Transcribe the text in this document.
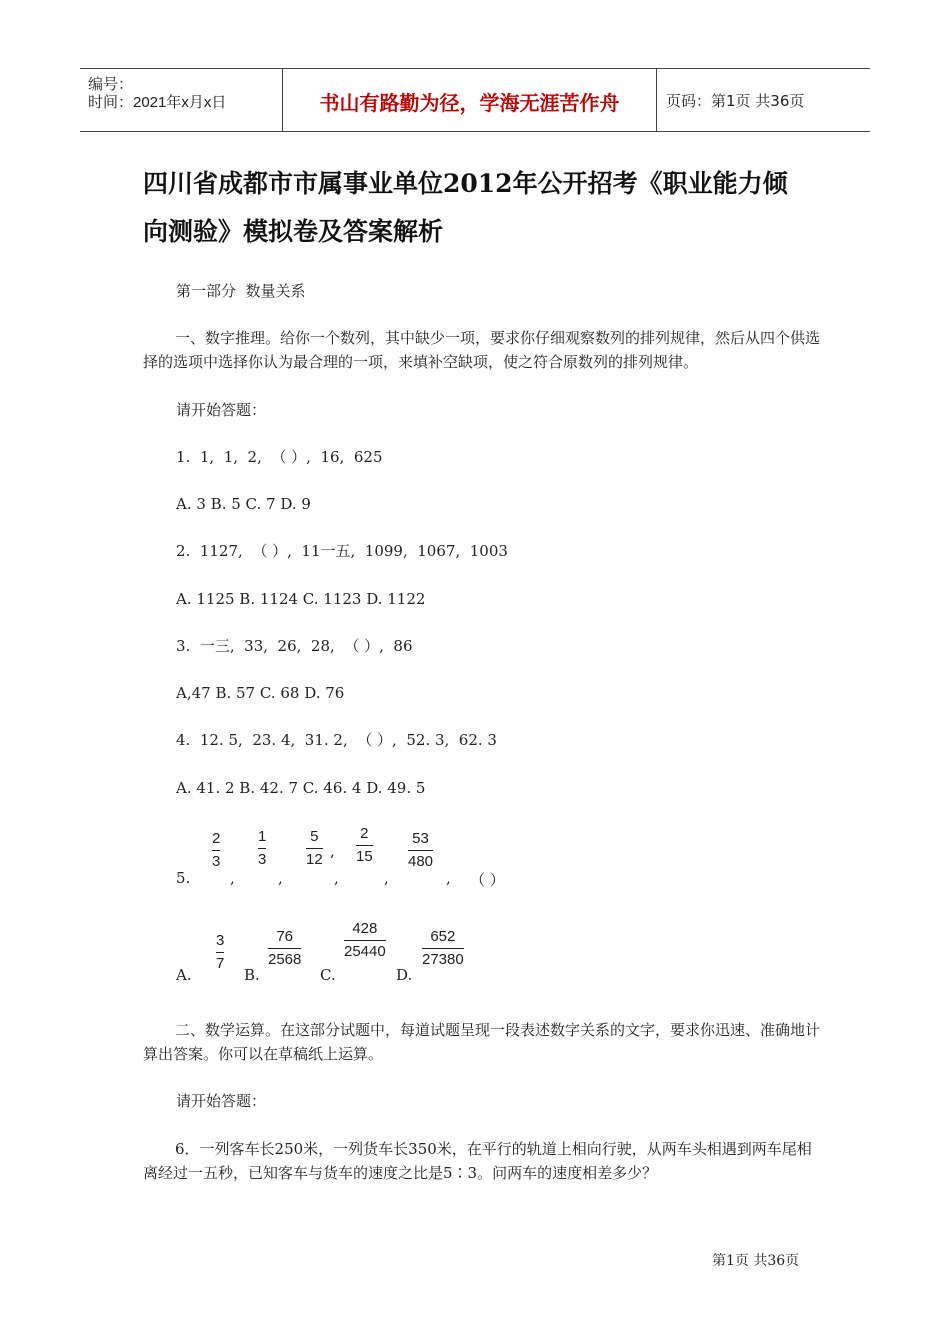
编号：
时间：2021年x月x日	书山有路勤为径，学海无涯苦作舟	页码：第1页 共36页
四川省成都市市属事业单位2012年公开招考《职业能力倾
向测验》模拟卷及答案解析
第一部分  数量关系
一、数字推理。给你一个数列，其中缺少一项，要求你仔细观察数列的排列规律，然后从四个供选择的选项中选择你认为最合理的一项，来填补空缺项，使之符合原数列的排列规律。
请开始答题：
1.  1,  1,  2,  （ ）,  16,  625
A. 3 B. 5 C. 7 D. 9
2.  1127,  （ ）,  11一五,  1099,  1067,  1003
A. 1125 B. 1124 C. 1123 D. 1122
3.  一三,  33,  26,  28,  （ ）,  86
A,47 B. 57 C. 68 D. 76
4.  12. 5,  23. 4,  31. 2,  （ ）,  52. 3,  62. 3
A. 41. 2 B. 42. 7 C. 46. 4 D. 49. 5
5.
2
3
,
1
3
,
5
12 ,
,
2
15
,
53
480
, （ ）
A.
3
7
B.
76
2568
C.
428
25440
D.
652
27380
二、数学运算。在这部分试题中，每道试题呈现一段表述数字关系的文字，要求你迅速、准确地计算出答案。你可以在草稿纸上运算。
请开始答题：
6．一列客车长250米，一列货车长350米，在平行的轨道上相向行驶，从两车头相遇到两车尾相离经过一五秒，已知客车与货车的速度之比是5∶3。问两车的速度相差多少？
第1页 共36页
